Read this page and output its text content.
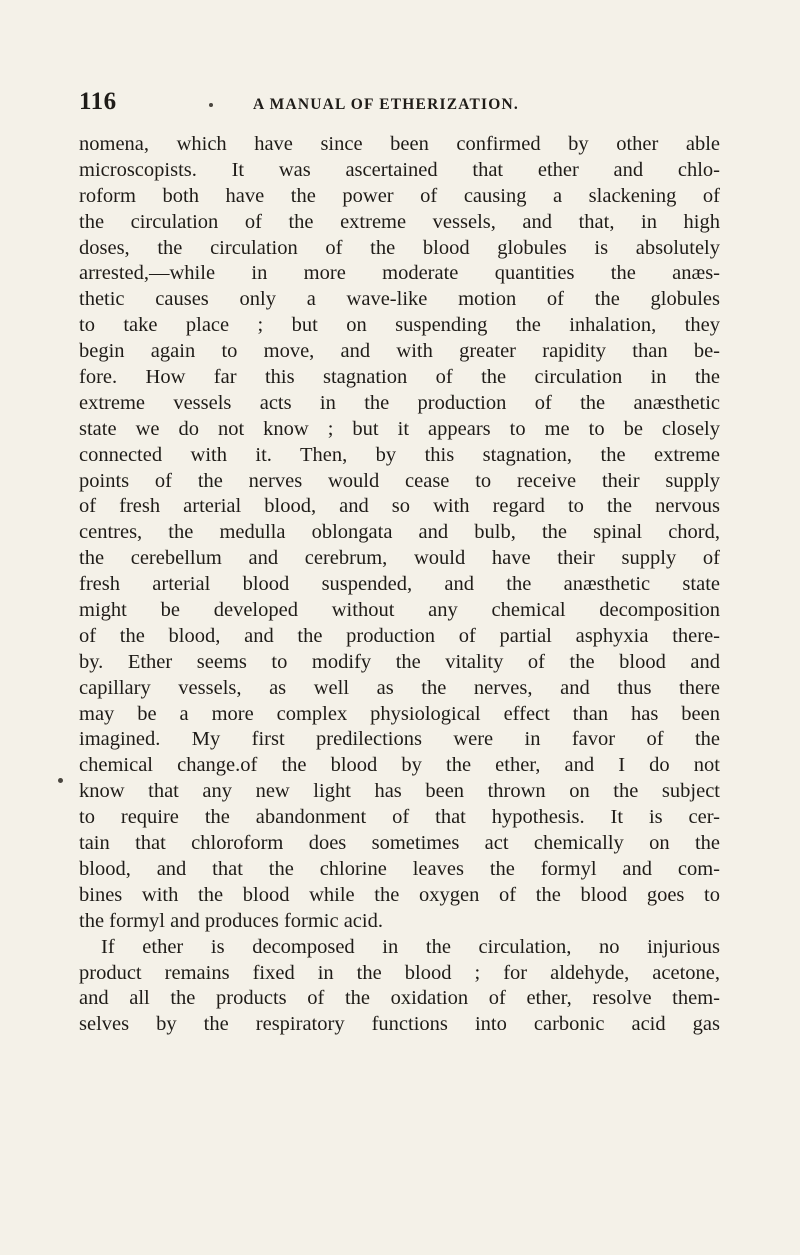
116	A MANUAL OF ETHERIZATION.
nomena, which have since been confirmed by other able
microscopists. It was ascertained that ether and chlo-
roform both have the power of causing a slackening of
the circulation of the extreme vessels, and that, in high
doses, the circulation of the blood globules is absolutely
arrested,—while in more moderate quantities the anæs-
thetic causes only a wave-like motion of the globules
to take place ; but on suspending the inhalation, they
begin again to move, and with greater rapidity than be-
fore. How far this stagnation of the circulation in the
extreme vessels acts in the production of the anæsthetic
state we do not know ; but it appears to me to be closely
connected with it. Then, by this stagnation, the extreme
points of the nerves would cease to receive their supply
of fresh arterial blood, and so with regard to the nervous
centres, the medulla oblongata and bulb, the spinal chord,
the cerebellum and cerebrum, would have their supply of
fresh arterial blood suspended, and the anæsthetic state
might be developed without any chemical decomposition
of the blood, and the production of partial asphyxia there-
by. Ether seems to modify the vitality of the blood and
capillary vessels, as well as the nerves, and thus there
may be a more complex physiological effect than has been
imagined. My first predilections were in favor of the
chemical change.of the blood by the ether, and I do not
know that any new light has been thrown on the subject
to require the abandonment of that hypothesis. It is cer-
tain that chloroform does sometimes act chemically on the
blood, and that the chlorine leaves the formyl and com-
bines with the blood while the oxygen of the blood goes to
the formyl and produces formic acid.
If ether is decomposed in the circulation, no injurious
product remains fixed in the blood ; for aldehyde, acetone,
and all the products of the oxidation of ether, resolve them-
selves by the respiratory functions into carbonic acid gas
